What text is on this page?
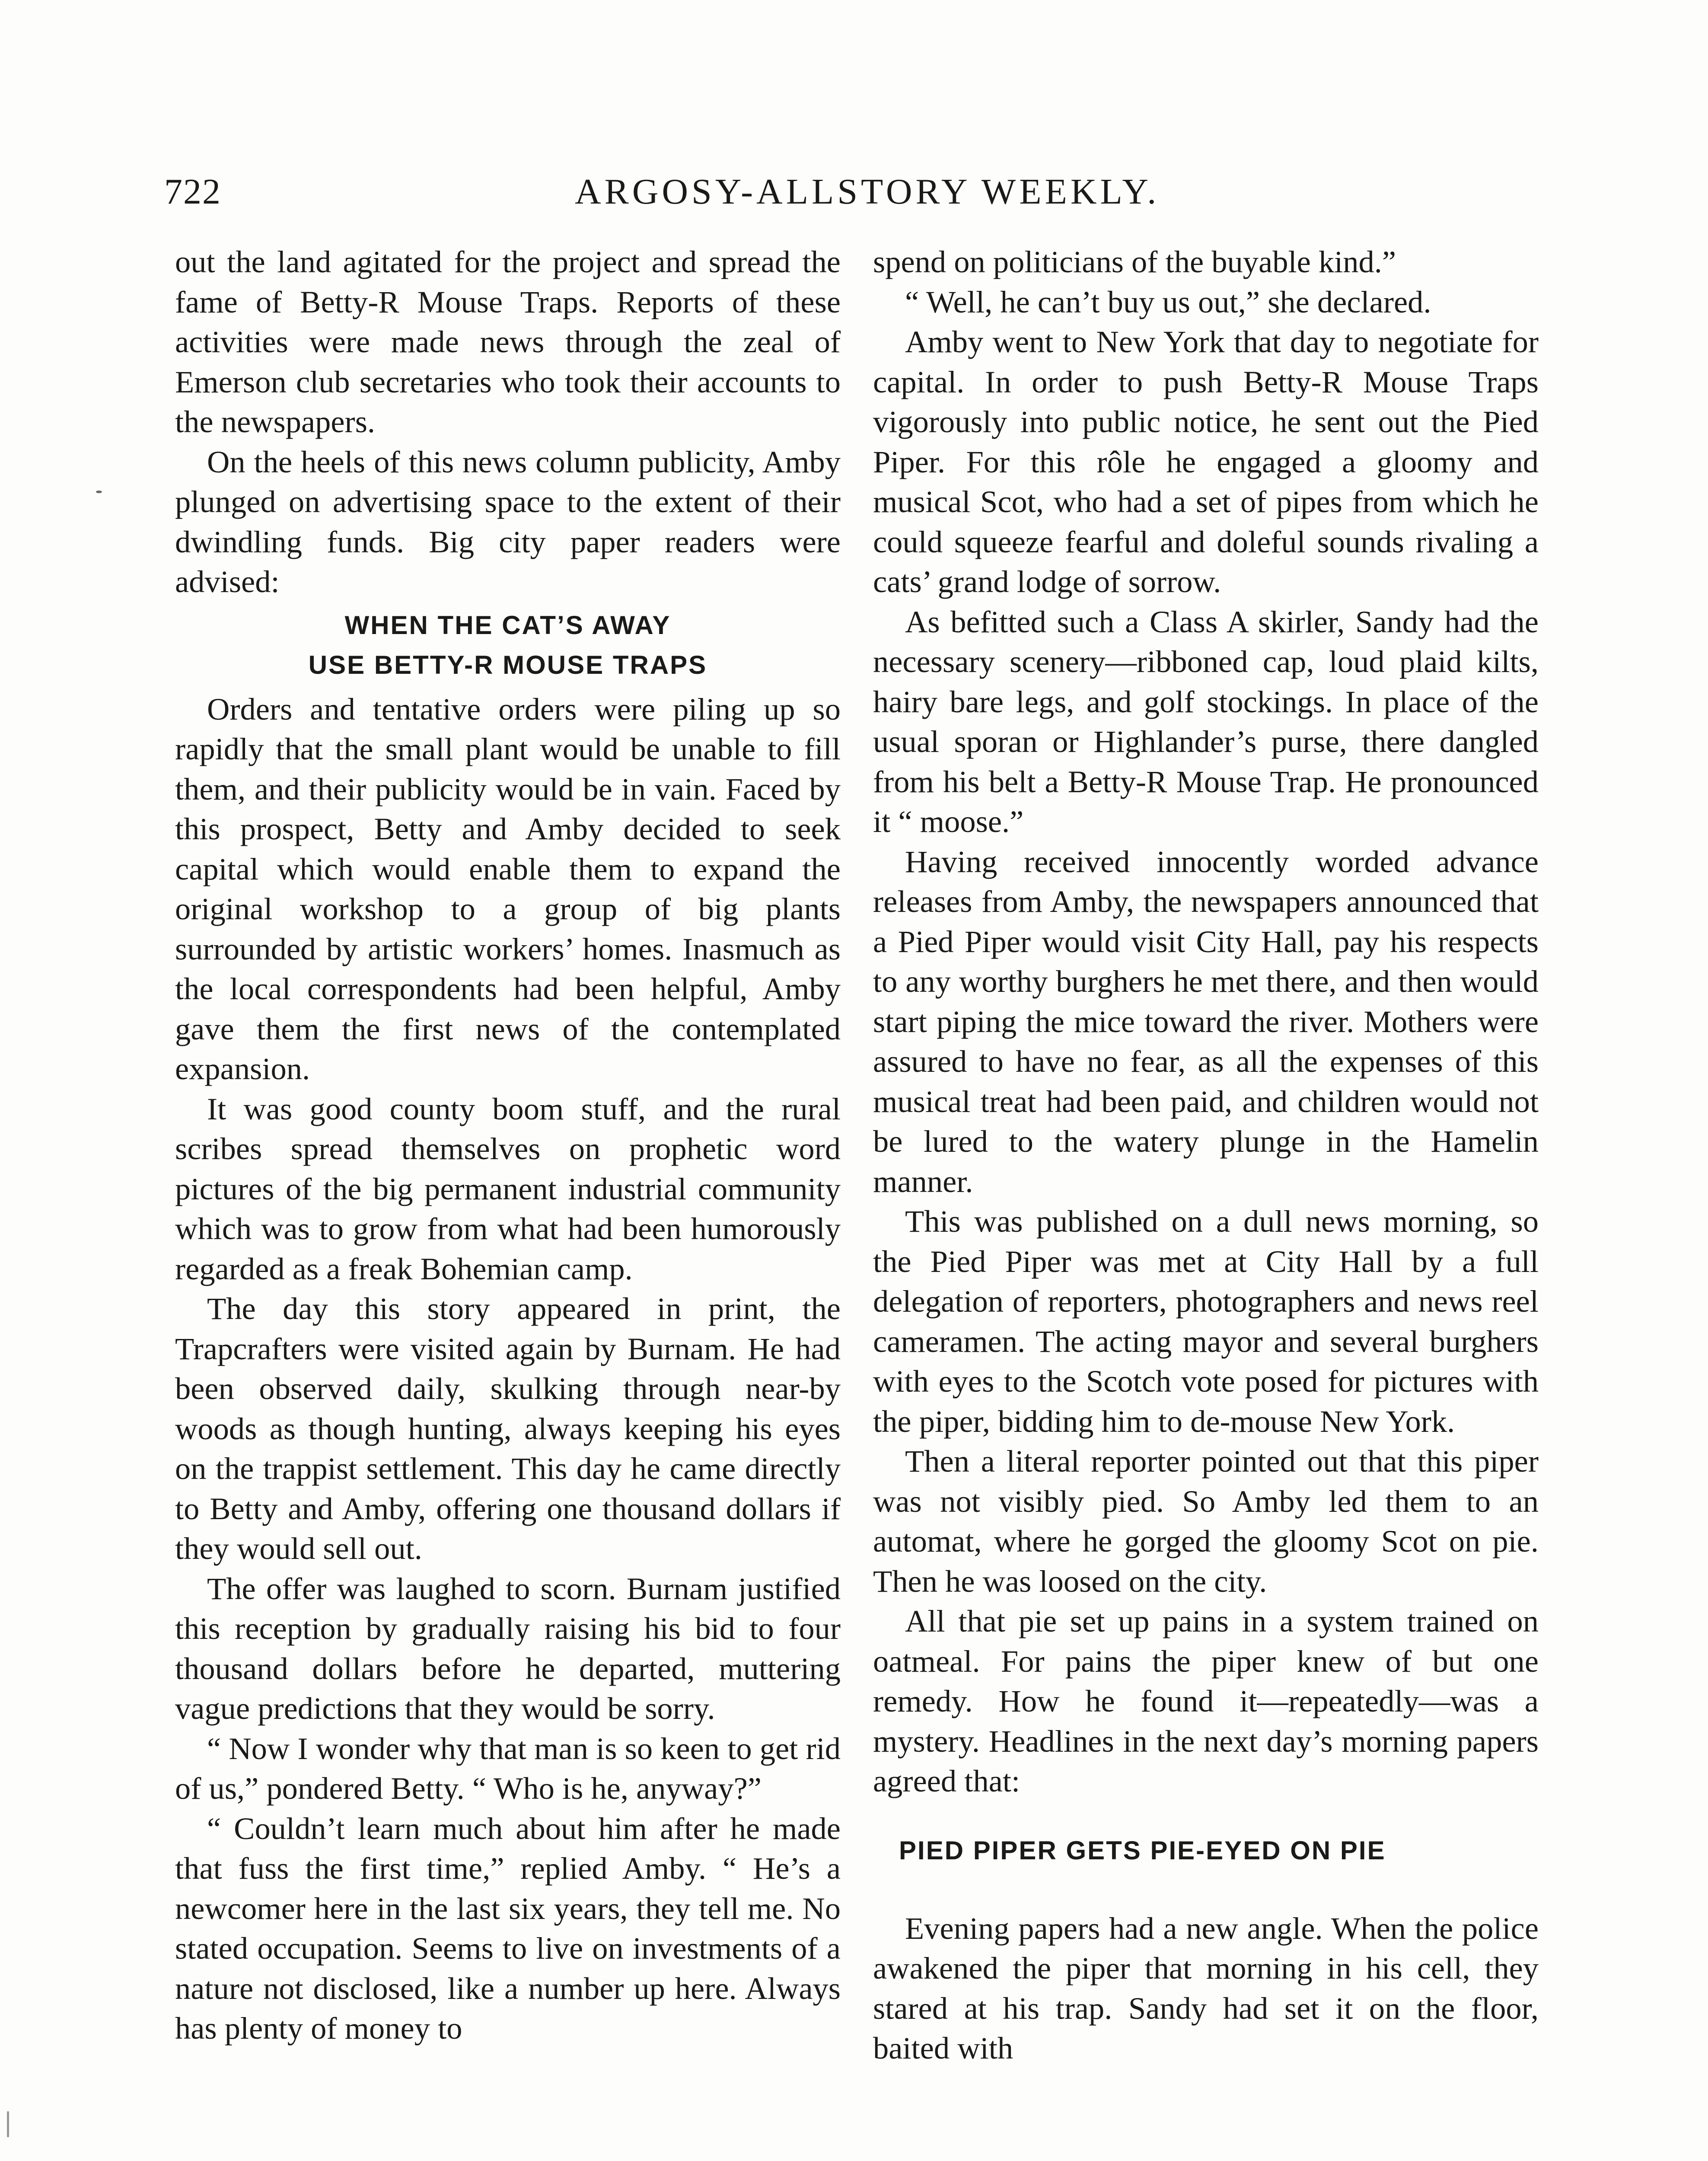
722	ARGOSY-ALLSTORY WEEKLY.

out the land agitated for the project and spread the fame of Betty-R Mouse Traps. Reports of these activities were made news through the zeal of Emerson club secretaries who took their accounts to the newspapers.

On the heels of this news column publicity, Amby plunged on advertising space to the extent of their dwindling funds. Big city paper readers were advised:

WHEN THE CAT’S AWAY
USE BETTY-R MOUSE TRAPS

Orders and tentative orders were piling up so rapidly that the small plant would be unable to fill them, and their publicity would be in vain. Faced by this prospect, Betty and Amby decided to seek capital which would enable them to expand the original workshop to a group of big plants surrounded by artistic workers’ homes. Inasmuch as the local correspondents had been helpful, Amby gave them the first news of the contemplated expansion.

It was good county boom stuff, and the rural scribes spread themselves on prophetic word pictures of the big permanent industrial community which was to grow from what had been humorously regarded as a freak Bohemian camp.

The day this story appeared in print, the Trapcrafters were visited again by Burnam. He had been observed daily, skulking through near-by woods as though hunting, always keeping his eyes on the trappist settlement. This day he came directly to Betty and Amby, offering one thousand dollars if they would sell out.

The offer was laughed to scorn. Burnam justified this reception by gradually raising his bid to four thousand dollars before he departed, muttering vague predictions that they would be sorry.

“ Now I wonder why that man is so keen to get rid of us,” pondered Betty. “ Who is he, anyway?”

“ Couldn’t learn much about him after he made that fuss the first time,” replied Amby. “ He’s a newcomer here in the last six years, they tell me. No stated occupation. Seems to live on investments of a nature not disclosed, like a number up here. Always has plenty of money to

spend on politicians of the buyable kind.”

“ Well, he can’t buy us out,” she declared.

Amby went to New York that day to negotiate for capital. In order to push Betty-R Mouse Traps vigorously into public notice, he sent out the Pied Piper. For this rôle he engaged a gloomy and musical Scot, who had a set of pipes from which he could squeeze fearful and doleful sounds rivaling a cats’ grand lodge of sorrow.

As befitted such a Class A skirler, Sandy had the necessary scenery—ribboned cap, loud plaid kilts, hairy bare legs, and golf stockings. In place of the usual sporan or Highlander’s purse, there dangled from his belt a Betty-R Mouse Trap. He pronounced it “ moose.”

Having received innocently worded advance releases from Amby, the newspapers announced that a Pied Piper would visit City Hall, pay his respects to any worthy burghers he met there, and then would start piping the mice toward the river. Mothers were assured to have no fear, as all the expenses of this musical treat had been paid, and children would not be lured to the watery plunge in the Hamelin manner.

This was published on a dull news morning, so the Pied Piper was met at City Hall by a full delegation of reporters, photographers and news reel cameramen. The acting mayor and several burghers with eyes to the Scotch vote posed for pictures with the piper, bidding him to de-mouse New York.

Then a literal reporter pointed out that this piper was not visibly pied. So Amby led them to an automat, where he gorged the gloomy Scot on pie. Then he was loosed on the city.

All that pie set up pains in a system trained on oatmeal. For pains the piper knew of but one remedy. How he found it—repeatedly—was a mystery. Headlines in the next day’s morning papers agreed that:

PIED PIPER GETS PIE-EYED ON PIE

Evening papers had a new angle. When the police awakened the piper that morning in his cell, they stared at his trap. Sandy had set it on the floor, baited with
